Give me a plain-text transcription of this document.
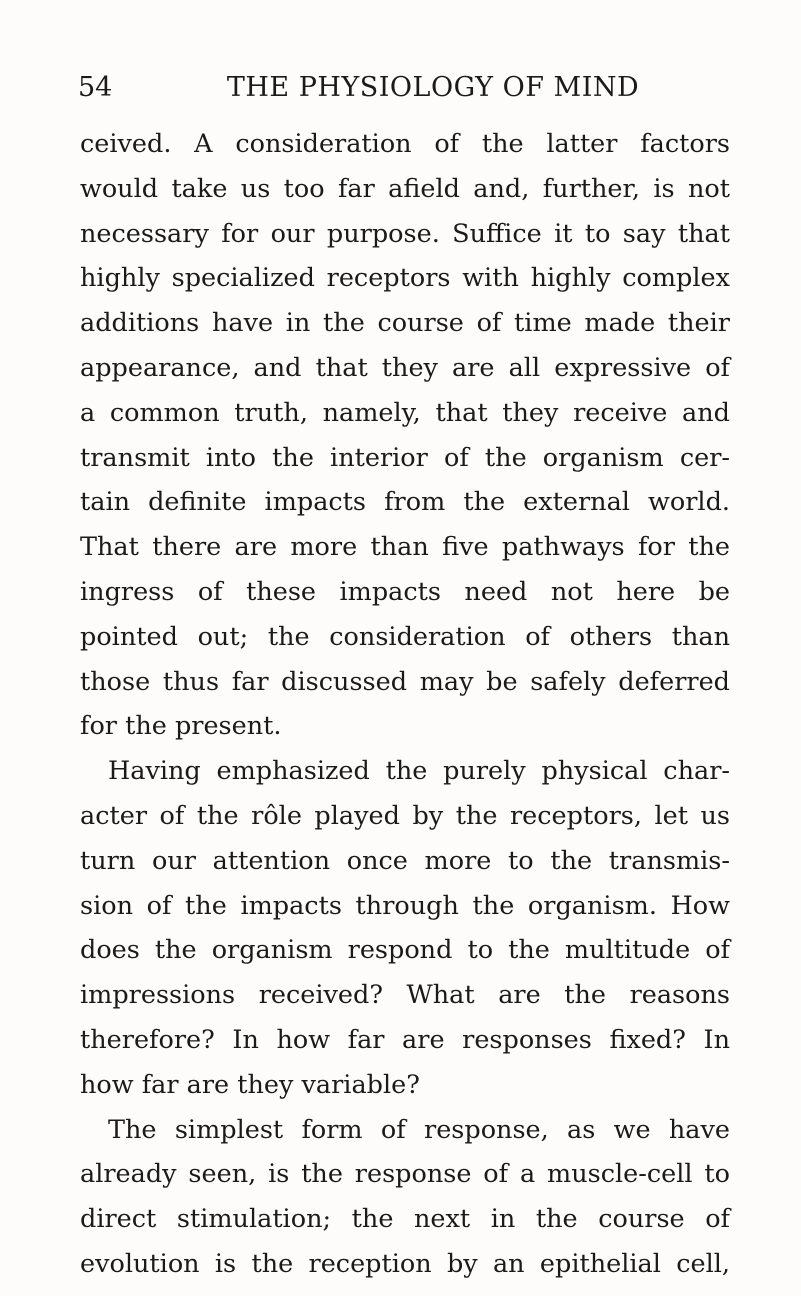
54	THE PHYSIOLOGY OF MIND
ceived. A consideration of the latter factors
would take us too far afield and, further, is not
necessary for our purpose. Suffice it to say that
highly specialized receptors with highly complex
additions have in the course of time made their
appearance, and that they are all expressive of
a common truth, namely, that they receive and
transmit into the interior of the organism cer-
tain definite impacts from the external world.
That there are more than five pathways for the
ingress of these impacts need not here be
pointed out; the consideration of others than
those thus far discussed may be safely deferred
for the present.
Having emphasized the purely physical char-
acter of the rôle played by the receptors, let us
turn our attention once more to the transmis-
sion of the impacts through the organism. How
does the organism respond to the multitude of
impressions received? What are the reasons
therefore? In how far are responses fixed? In
how far are they variable?
The simplest form of response, as we have
already seen, is the response of a muscle-cell to
direct stimulation; the next in the course of
evolution is the reception by an epithelial cell,
